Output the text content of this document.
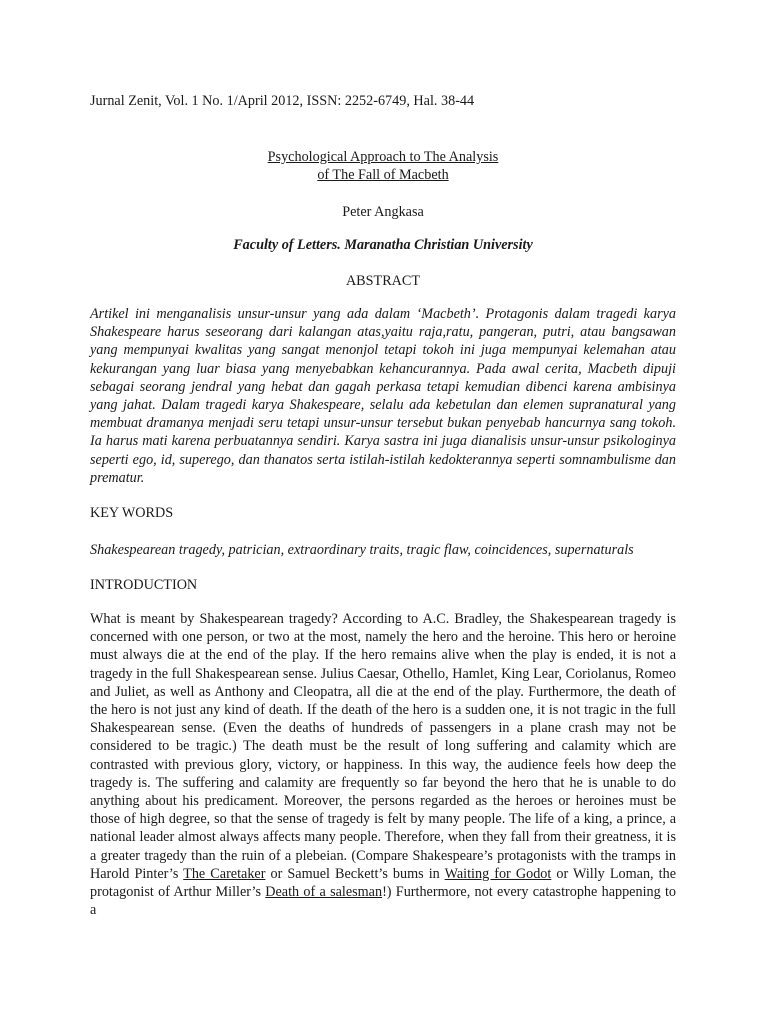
Jurnal Zenit, Vol. 1 No. 1/April 2012, ISSN: 2252-6749, Hal. 38-44

Psychological Approach to The Analysis
of The Fall of Macbeth

Peter Angkasa

Faculty of Letters. Maranatha Christian University

ABSTRACT

Artikel ini menganalisis unsur-unsur yang ada dalam ‘Macbeth’. Protagonis dalam tragedi karya Shakespeare harus seseorang dari kalangan atas,yaitu raja,ratu, pangeran, putri, atau bangsawan yang mempunyai kwalitas yang sangat menonjol tetapi tokoh ini juga mempunyai kelemahan atau kekurangan yang luar biasa yang menyebabkan kehancurannya. Pada awal cerita, Macbeth dipuji sebagai seorang jendral yang hebat dan gagah perkasa tetapi kemudian dibenci karena ambisinya yang jahat. Dalam tragedi karya Shakespeare, selalu ada kebetulan dan elemen supranatural yang membuat dramanya menjadi seru tetapi unsur-unsur tersebut bukan penyebab hancurnya sang tokoh. Ia harus mati karena perbuatannya sendiri. Karya sastra ini juga dianalisis unsur-unsur psikologinya seperti ego, id, superego, dan thanatos serta istilah-istilah kedokterannya seperti somnambulisme dan prematur.

KEY WORDS

Shakespearean tragedy, patrician, extraordinary traits, tragic flaw, coincidences, supernaturals

INTRODUCTION

What is meant by Shakespearean tragedy? According to A.C. Bradley, the Shakespearean tragedy is concerned with one person, or two at the most, namely the hero and the heroine. This hero or heroine must always die at the end of the play. If the hero remains alive when the play is ended, it is not a tragedy in the full Shakespearean sense. Julius Caesar, Othello, Hamlet, King Lear, Coriolanus, Romeo and Juliet, as well as Anthony and Cleopatra, all die at the end of the play. Furthermore, the death of the hero is not just any kind of death. If the death of the hero is a sudden one, it is not tragic in the full Shakespearean sense. (Even the deaths of hundreds of passengers in a plane crash may not be considered to be tragic.) The death must be the result of long suffering and calamity which are contrasted with previous glory, victory, or happiness. In this way, the audience feels how deep the tragedy is. The suffering and calamity are frequently so far beyond the hero that he is unable to do anything about his predicament. Moreover, the persons regarded as the heroes or heroines must be those of high degree, so that the sense of tragedy is felt by many people. The life of a king, a prince, a national leader almost always affects many people. Therefore, when they fall from their greatness, it is a greater tragedy than the ruin of a plebeian. (Compare Shakespeare’s protagonists with the tramps in Harold Pinter’s The Caretaker or Samuel Beckett’s bums in Waiting for Godot or Willy Loman, the protagonist of Arthur Miller’s Death of a salesman!) Furthermore, not every catastrophe happening to a
